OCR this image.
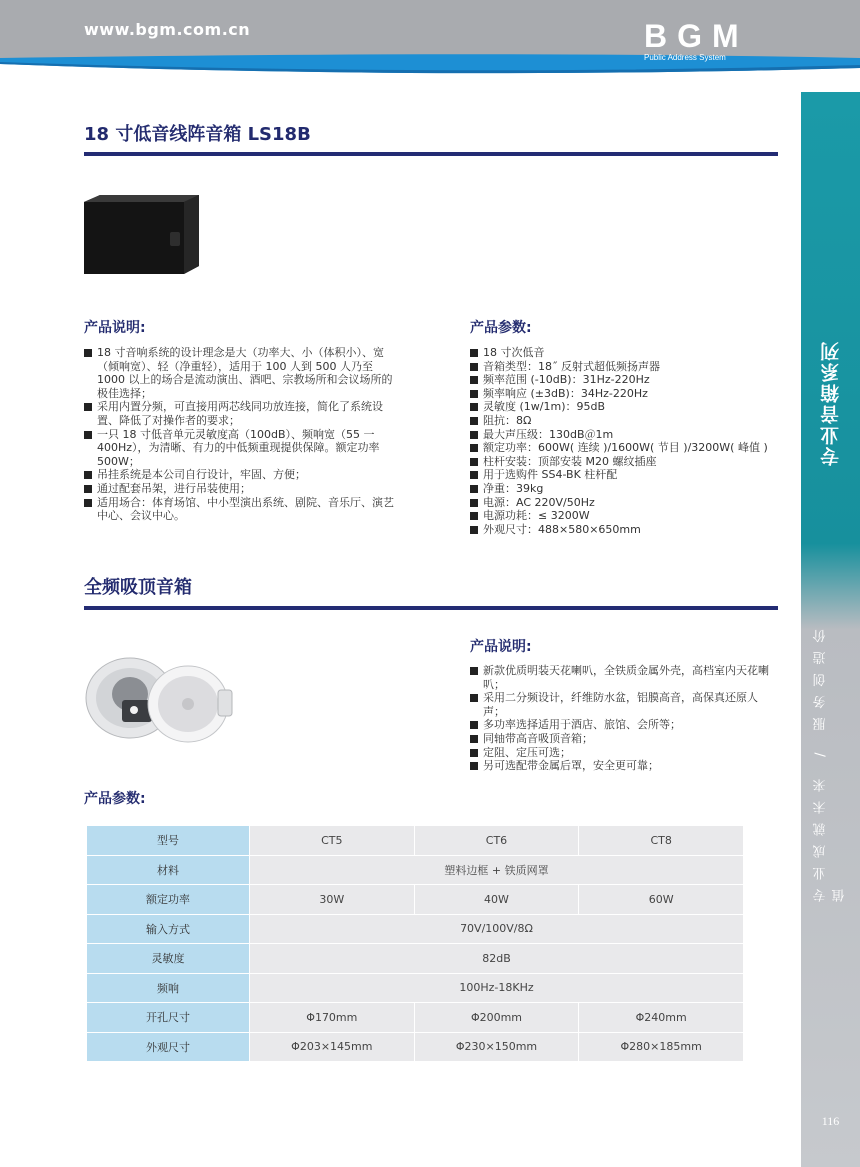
www.bgm.com.cn	BGM
Public Address System
专业音箱系列
专业成就未来 / 服务创造价值
116
18 寸低音线阵音箱 LS18B
产品说明:
18 寸音响系统的设计理念是大（功率大、小（体积小）、宽（倾响宽）、轻（净重轻），适用于 100 人到 500 人乃至 1000 以上的场合是流动演出、酒吧、宗教场所和会议场所的极佳选择；
采用内置分频，可直接用两芯线同功放连接，简化了系统设置、降低了对操作者的要求；
一只 18 寸低音单元灵敏度高（100dB）、频响宽（55 一 400Hz），为清晰、有力的中低频重现提供保障。额定功率 500W；
吊挂系统是本公司自行设计，牢固、方便；
通过配套吊架，进行吊装使用；
适用场合：体育场馆、中小型演出系统、剧院、音乐厅、演艺中心、会议中心。
产品参数:
18 寸次低音
音箱类型：18˝ 反射式超低频扬声器
频率范围 (-10dB)：31Hz-220Hz
频率响应 (±3dB)：34Hz-220Hz
灵敏度 (1w/1m)：95dB
阻抗：8Ω
最大声压级：130dB＠1m
额定功率：600W( 连续 )/1600W( 节目 )/3200W( 峰值 )
柱杆安装：顶部安装 M20 螺纹插座
用于选购件 SS4-BK 柱杆配
净重：39kg
电源：AC 220V/50Hz
电源功耗：≤ 3200W
外观尺寸：488×580×650mm
全频吸顶音箱
产品说明:
新款优质明装天花喇叭，全铁质金属外壳，高档室内天花喇叭；
采用二分频设计，纤维防水盆，铝膜高音，高保真还原人声；
多功率选择适用于酒店、旅馆、会所等；
同轴带高音吸顶音箱；
定阻、定压可选；
另可选配带金属后罩，安全更可靠；
产品参数:
型号	CT5	CT6	CT8
材料	塑料边框 + 铁质网罩		
额定功率	30W	40W	60W
输入方式	70V/100V/8Ω		
灵敏度	82dB		
频响	100Hz-18KHz		
开孔尺寸	Φ170mm	Φ200mm	Φ240mm
外观尺寸	Φ203×145mm	Φ230×150mm	Φ280×185mm
